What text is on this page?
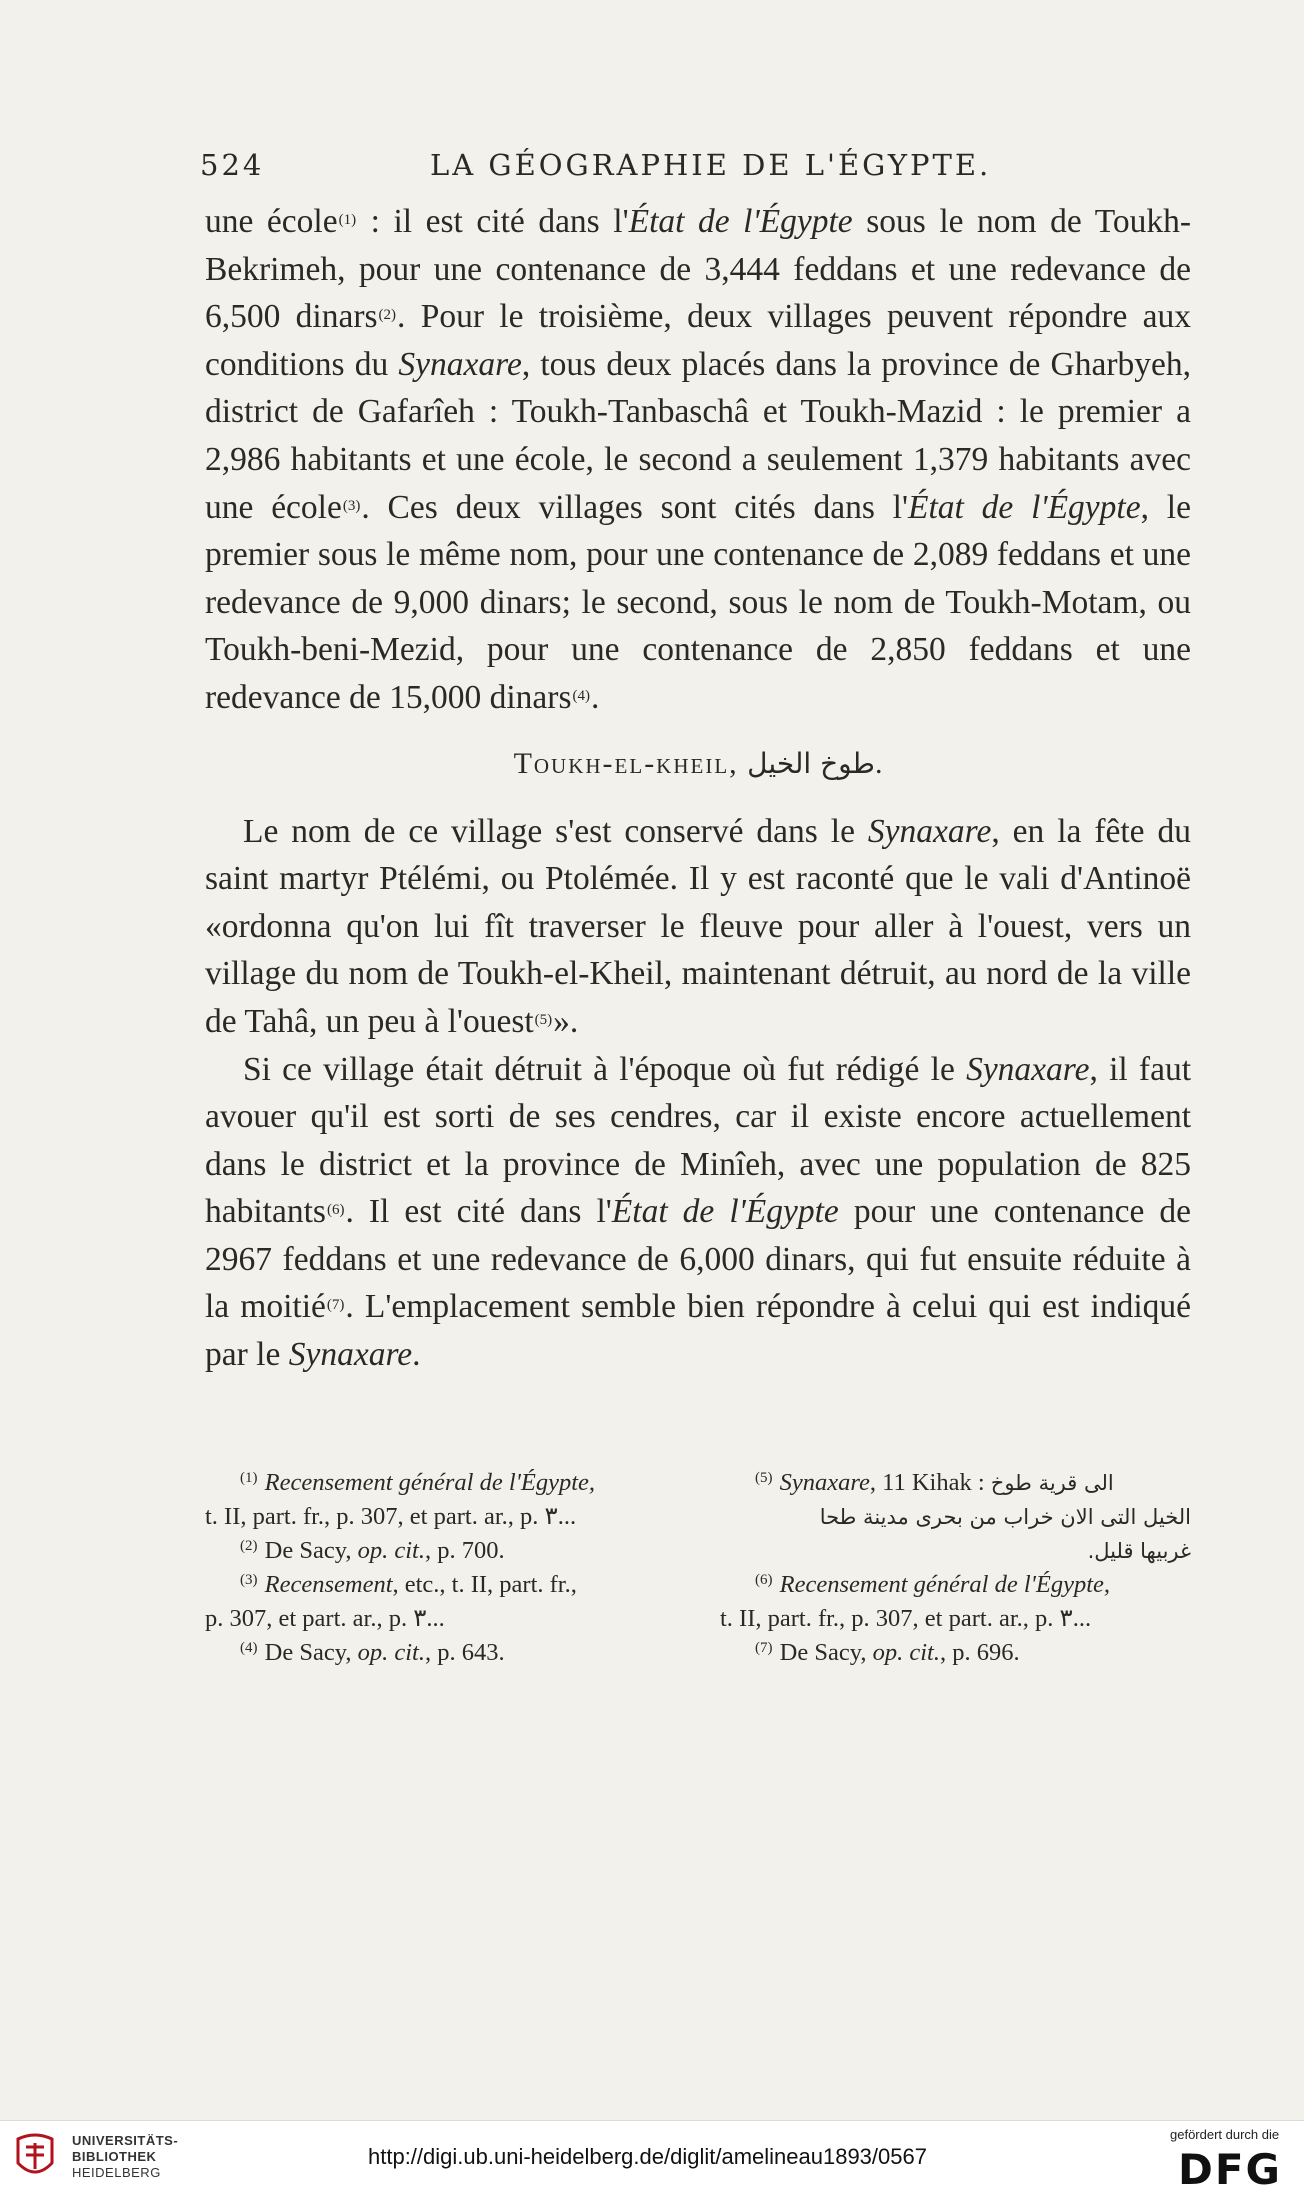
524	LA GÉOGRAPHIE DE L'ÉGYPTE.

une école$^{(1)}$ : il est cité dans l'État de l'Égypte sous le nom de Toukh-Bekrimeh, pour une contenance de 3,444 feddans et une redevance de 6,500 dinars$^{(2)}$. Pour le troisième, deux villages peuvent répondre aux conditions du Synaxare, tous deux placés dans la province de Gharbyeh, district de Gafarîeh : Toukh-Tanbaschâ et Toukh-Mazid : le premier a 2,986 habitants et une école, le second a seulement 1,379 habitants avec une école$^{(3)}$. Ces deux villages sont cités dans l'État de l'Égypte, le premier sous le même nom, pour une contenance de 2,089 feddans et une redevance de 9,000 dinars; le second, sous le nom de Toukh-Motam, ou Toukh-beni-Mezid, pour une contenance de 2,850 feddans et une redevance de 15,000 dinars$^{(4)}$.

Toukh-el-kheil, طوخ الخيل.

Le nom de ce village s'est conservé dans le Synaxare, en la fête du saint martyr Ptélémi, ou Ptolémée. Il y est raconté que le vali d'Antinoë «ordonna qu'on lui fît traverser le fleuve pour aller à l'ouest, vers un village du nom de Toukh-el-Kheil, maintenant détruit, au nord de la ville de Tahâ, un peu à l'ouest$^{(5)}$».

Si ce village était détruit à l'époque où fut rédigé le Synaxare, il faut avouer qu'il est sorti de ses cendres, car il existe encore actuellement dans le district et la province de Minîeh, avec une population de 825 habitants$^{(6)}$. Il est cité dans l'État de l'Égypte pour une contenance de 2967 feddans et une redevance de 6,000 dinars, qui fut ensuite réduite à la moitié$^{(7)}$. L'emplacement semble bien répondre à celui qui est indiqué par le Synaxare.

$^{(1)}$ Recensement général de l'Égypte,

t. II, part. fr., p. 307, et part. ar., p. ٣...

$^{(2)}$ De Sacy, op. cit., p. 700.

$^{(3)}$ Recensement, etc., t. II, part. fr.,

p. 307, et part. ar., p. ٣...

$^{(4)}$ De Sacy, op. cit., p. 643.

$^{(5)}$ Synaxare, 11 Kihak : الى قرية طوخ

الخيل التى الان خراب من بحرى مدينة طحا

غربيها قليل.

$^{(6)}$ Recensement général de l'Égypte,

t. II, part. fr., p. 307, et part. ar., p. ٣...

$^{(7)}$ De Sacy, op. cit., p. 696.

UNIVERSITÄTS-
BIBLIOTHEK
HEIDELBERG
http://digi.ub.uni-heidelberg.de/diglit/amelineau1893/0567
gefördert durch die
DFG
